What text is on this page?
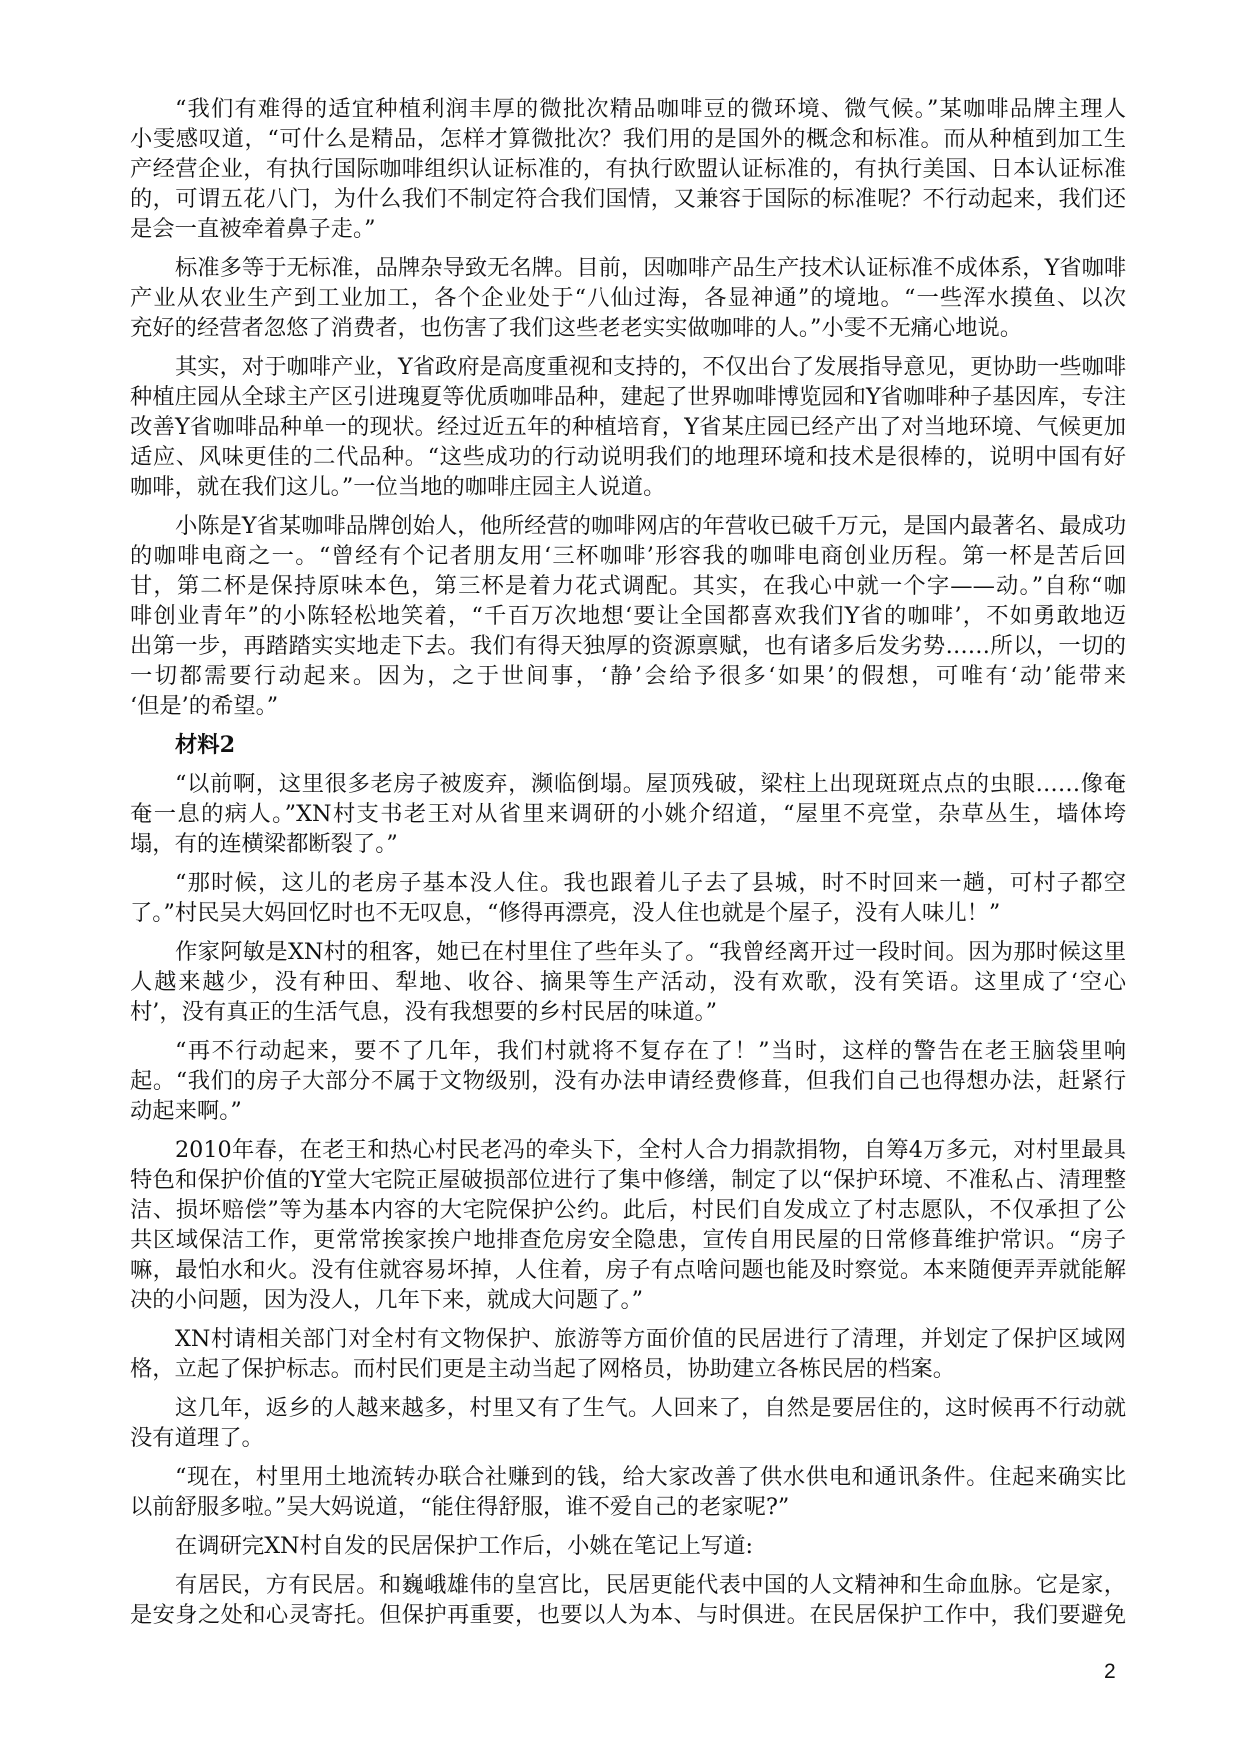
“我们有难得的适宜种植利润丰厚的微批次精品咖啡豆的微环境、微气候。”某咖啡品牌主理人
小雯感叹道，“可什么是精品，怎样才算微批次？我们用的是国外的概念和标准。而从种植到加工生
产经营企业，有执行国际咖啡组织认证标准的，有执行欧盟认证标准的，有执行美国、日本认证标准
的，可谓五花八门，为什么我们不制定符合我们国情，又兼容于国际的标准呢？不行动起来，我们还
是会一直被牵着鼻子走。”
标准多等于无标准，品牌杂导致无名牌。目前，因咖啡产品生产技术认证标准不成体系，Y省咖啡
产业从农业生产到工业加工，各个企业处于“八仙过海，各显神通”的境地。“一些浑水摸鱼、以次
充好的经营者忽悠了消费者，也伤害了我们这些老老实实做咖啡的人。”小雯不无痛心地说。
其实，对于咖啡产业，Y省政府是高度重视和支持的，不仅出台了发展指导意见，更协助一些咖啡
种植庄园从全球主产区引进瑰夏等优质咖啡品种，建起了世界咖啡博览园和Y省咖啡种子基因库，专注
改善Y省咖啡品种单一的现状。经过近五年的种植培育，Y省某庄园已经产出了对当地环境、气候更加
适应、风味更佳的二代品种。“这些成功的行动说明我们的地理环境和技术是很棒的，说明中国有好
咖啡，就在我们这儿。”一位当地的咖啡庄园主人说道。
小陈是Y省某咖啡品牌创始人，他所经营的咖啡网店的年营收已破千万元，是国内最著名、最成功
的咖啡电商之一。“曾经有个记者朋友用‘三杯咖啡’形容我的咖啡电商创业历程。第一杯是苦后回
甘，第二杯是保持原味本色，第三杯是着力花式调配。其实，在我心中就一个字——动。”自称“咖
啡创业青年”的小陈轻松地笑着，“千百万次地想‘要让全国都喜欢我们Y省的咖啡’，不如勇敢地迈
出第一步，再踏踏实实地走下去。我们有得天独厚的资源禀赋，也有诸多后发劣势……所以，一切的
一切都需要行动起来。因为，之于世间事，‘静’会给予很多‘如果’的假想，可唯有‘动’能带来
‘但是’的希望。”
材料2
“以前啊，这里很多老房子被废弃，濒临倒塌。屋顶残破，梁柱上出现斑斑点点的虫眼……像奄
奄一息的病人。”XN村支书老王对从省里来调研的小姚介绍道，“屋里不亮堂，杂草丛生，墙体垮
塌，有的连横梁都断裂了。”
“那时候，这儿的老房子基本没人住。我也跟着儿子去了县城，时不时回来一趟，可村子都空
了。”村民吴大妈回忆时也不无叹息，“修得再漂亮，没人住也就是个屋子，没有人味儿！”
作家阿敏是XN村的租客，她已在村里住了些年头了。“我曾经离开过一段时间。因为那时候这里
人越来越少，没有种田、犁地、收谷、摘果等生产活动，没有欢歌，没有笑语。这里成了‘空心
村’，没有真正的生活气息，没有我想要的乡村民居的味道。”
“再不行动起来，要不了几年，我们村就将不复存在了！”当时，这样的警告在老王脑袋里响
起。“我们的房子大部分不属于文物级别，没有办法申请经费修葺，但我们自己也得想办法，赶紧行
动起来啊。”
2010年春，在老王和热心村民老冯的牵头下，全村人合力捐款捐物，自筹4万多元，对村里最具
特色和保护价值的Y堂大宅院正屋破损部位进行了集中修缮，制定了以“保护环境、不准私占、清理整
洁、损坏赔偿”等为基本内容的大宅院保护公约。此后，村民们自发成立了村志愿队，不仅承担了公
共区域保洁工作，更常常挨家挨户地排查危房安全隐患，宣传自用民屋的日常修葺维护常识。“房子
嘛，最怕水和火。没有住就容易坏掉，人住着，房子有点啥问题也能及时察觉。本来随便弄弄就能解
决的小问题，因为没人，几年下来，就成大问题了。”
XN村请相关部门对全村有文物保护、旅游等方面价值的民居进行了清理，并划定了保护区域网
格，立起了保护标志。而村民们更是主动当起了网格员，协助建立各栋民居的档案。
这几年，返乡的人越来越多，村里又有了生气。人回来了，自然是要居住的，这时候再不行动就
没有道理了。
“现在，村里用土地流转办联合社赚到的钱，给大家改善了供水供电和通讯条件。住起来确实比
以前舒服多啦。”吴大妈说道，“能住得舒服，谁不爱自己的老家呢?”
在调研完XN村自发的民居保护工作后，小姚在笔记上写道:
有居民，方有民居。和巍峨雄伟的皇宫比，民居更能代表中国的人文精神和生命血脉。它是家，
是安身之处和心灵寄托。但保护再重要，也要以人为本、与时俱进。在民居保护工作中，我们要避免
2
